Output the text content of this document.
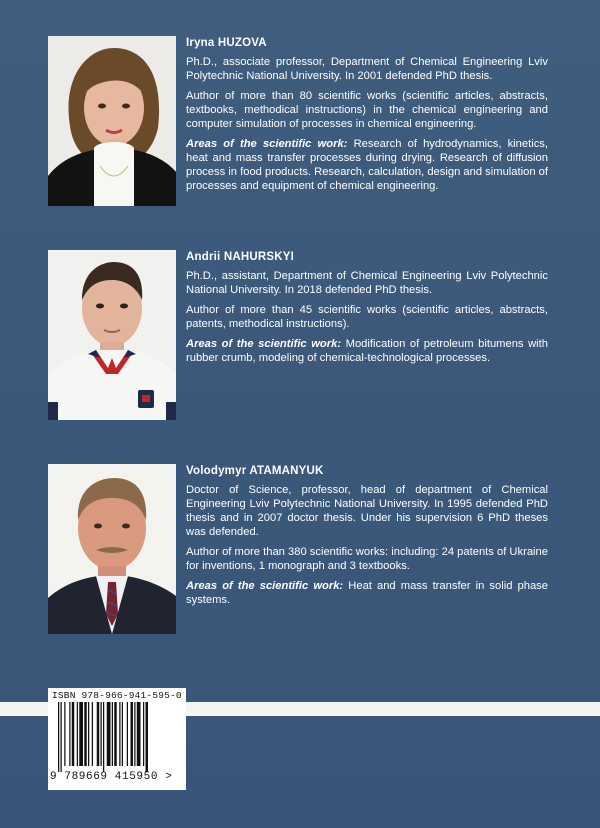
Iryna HUZOVA

Ph.D., associate professor, Department of Chemical Engineering Lviv Polytechnic National University. In 2001 defended PhD thesis.

Author of more than 80 scientific works (scientific articles, abstracts, textbooks, methodical instructions) in the chemical engineering and computer simulation of processes in chemical engineering.

Areas of the scientific work: Research of hydrodynamics, kinetics, heat and mass transfer processes during drying. Research of diffusion process in food products. Research, calculation, design and simulation of processes and equipment of chemical engineering.

Andrii NAHURSKYI

Ph.D., assistant, Department of Chemical Engineering Lviv Polytechnic National University. In 2018 defended PhD thesis.

Author of more than 45 scientific works (scientific articles, abstracts, patents, methodical instructions).

Areas of the scientific work: Modification of petroleum bitumens with rubber crumb, modeling of chemical-technological processes.

Volodymyr ATAMANYUK

Doctor of Science, professor, head of department of Chemical Engineering Lviv Polytechnic National University. In 1995 defended PhD thesis and in 2007 doctor thesis. Under his supervision 6 PhD theses was defended.

Author of more than 380 scientific works: including: 24 patents of Ukraine for inventions, 1 monograph and 3 textbooks.

Areas of the scientific work: Heat and mass transfer in solid phase systems.

ISBN 978-966-941-595-0
9 789669 415950 >
